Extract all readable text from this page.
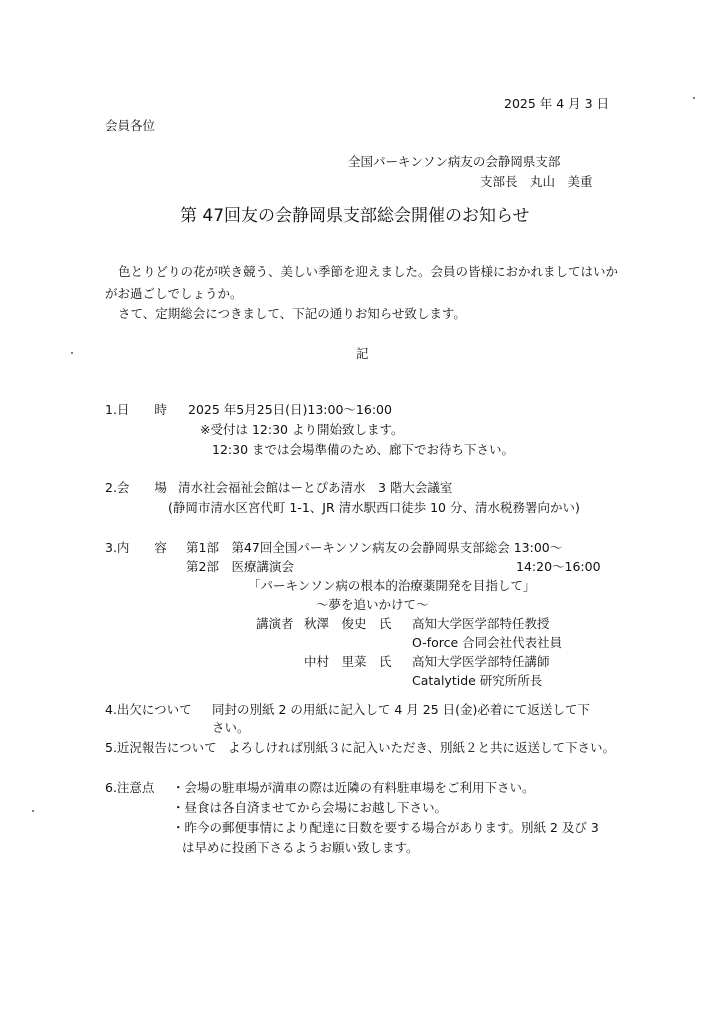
2025 年 4 月 3 日
会員各位
全国パーキンソン病友の会静岡県支部
支部長　丸山　美重
第 47回友の会静岡県支部総会開催のお知らせ
色とりどりの花が咲き競う、美しい季節を迎えました。会員の皆様におかれましてはいか
がお過ごしでしょうか。
さて、定期総会につきまして、下記の通りお知らせ致します。
記
1.日　　時 2025 年5月25日(日)13:00～16:00
※受付は 12:30 より開始致します。
12:30 までは会場準備のため、廊下でお待ち下さい。
2.会　　場 清水社会福祉会館はーとぴあ清水　3 階大会議室
(静岡市清水区宮代町 1-1、JR 清水駅西口徒歩 10 分、清水税務署向かい)
3.内　　容 第1部　第47回全国パーキンソン病友の会静岡県支部総会 13:00～
第2部　医療講演会	14:20～16:00
「パーキンソン病の根本的治療薬開発を目指して」
～夢を追いかけて～
講演者 秋澤　俊史　氏 高知大学医学部特任教授
O-force 合同会社代表社員
中村　里菜　氏 高知大学医学部特任講師
Catalytide 研究所所長
4.出欠について 同封の別紙 2 の用紙に記入して 4 月 25 日(金)必着にて返送して下
さい。
5.近況報告について よろしければ別紙３に記入いただき、別紙２と共に返送して下さい。
6.注意点 ・会場の駐車場が満車の際は近隣の有料駐車場をご利用下さい。
・昼食は各自済ませてから会場にお越し下さい。
・昨今の郵便事情により配達に日数を要する場合があります。別紙 2 及び 3
は早めに投函下さるようお願い致します。
